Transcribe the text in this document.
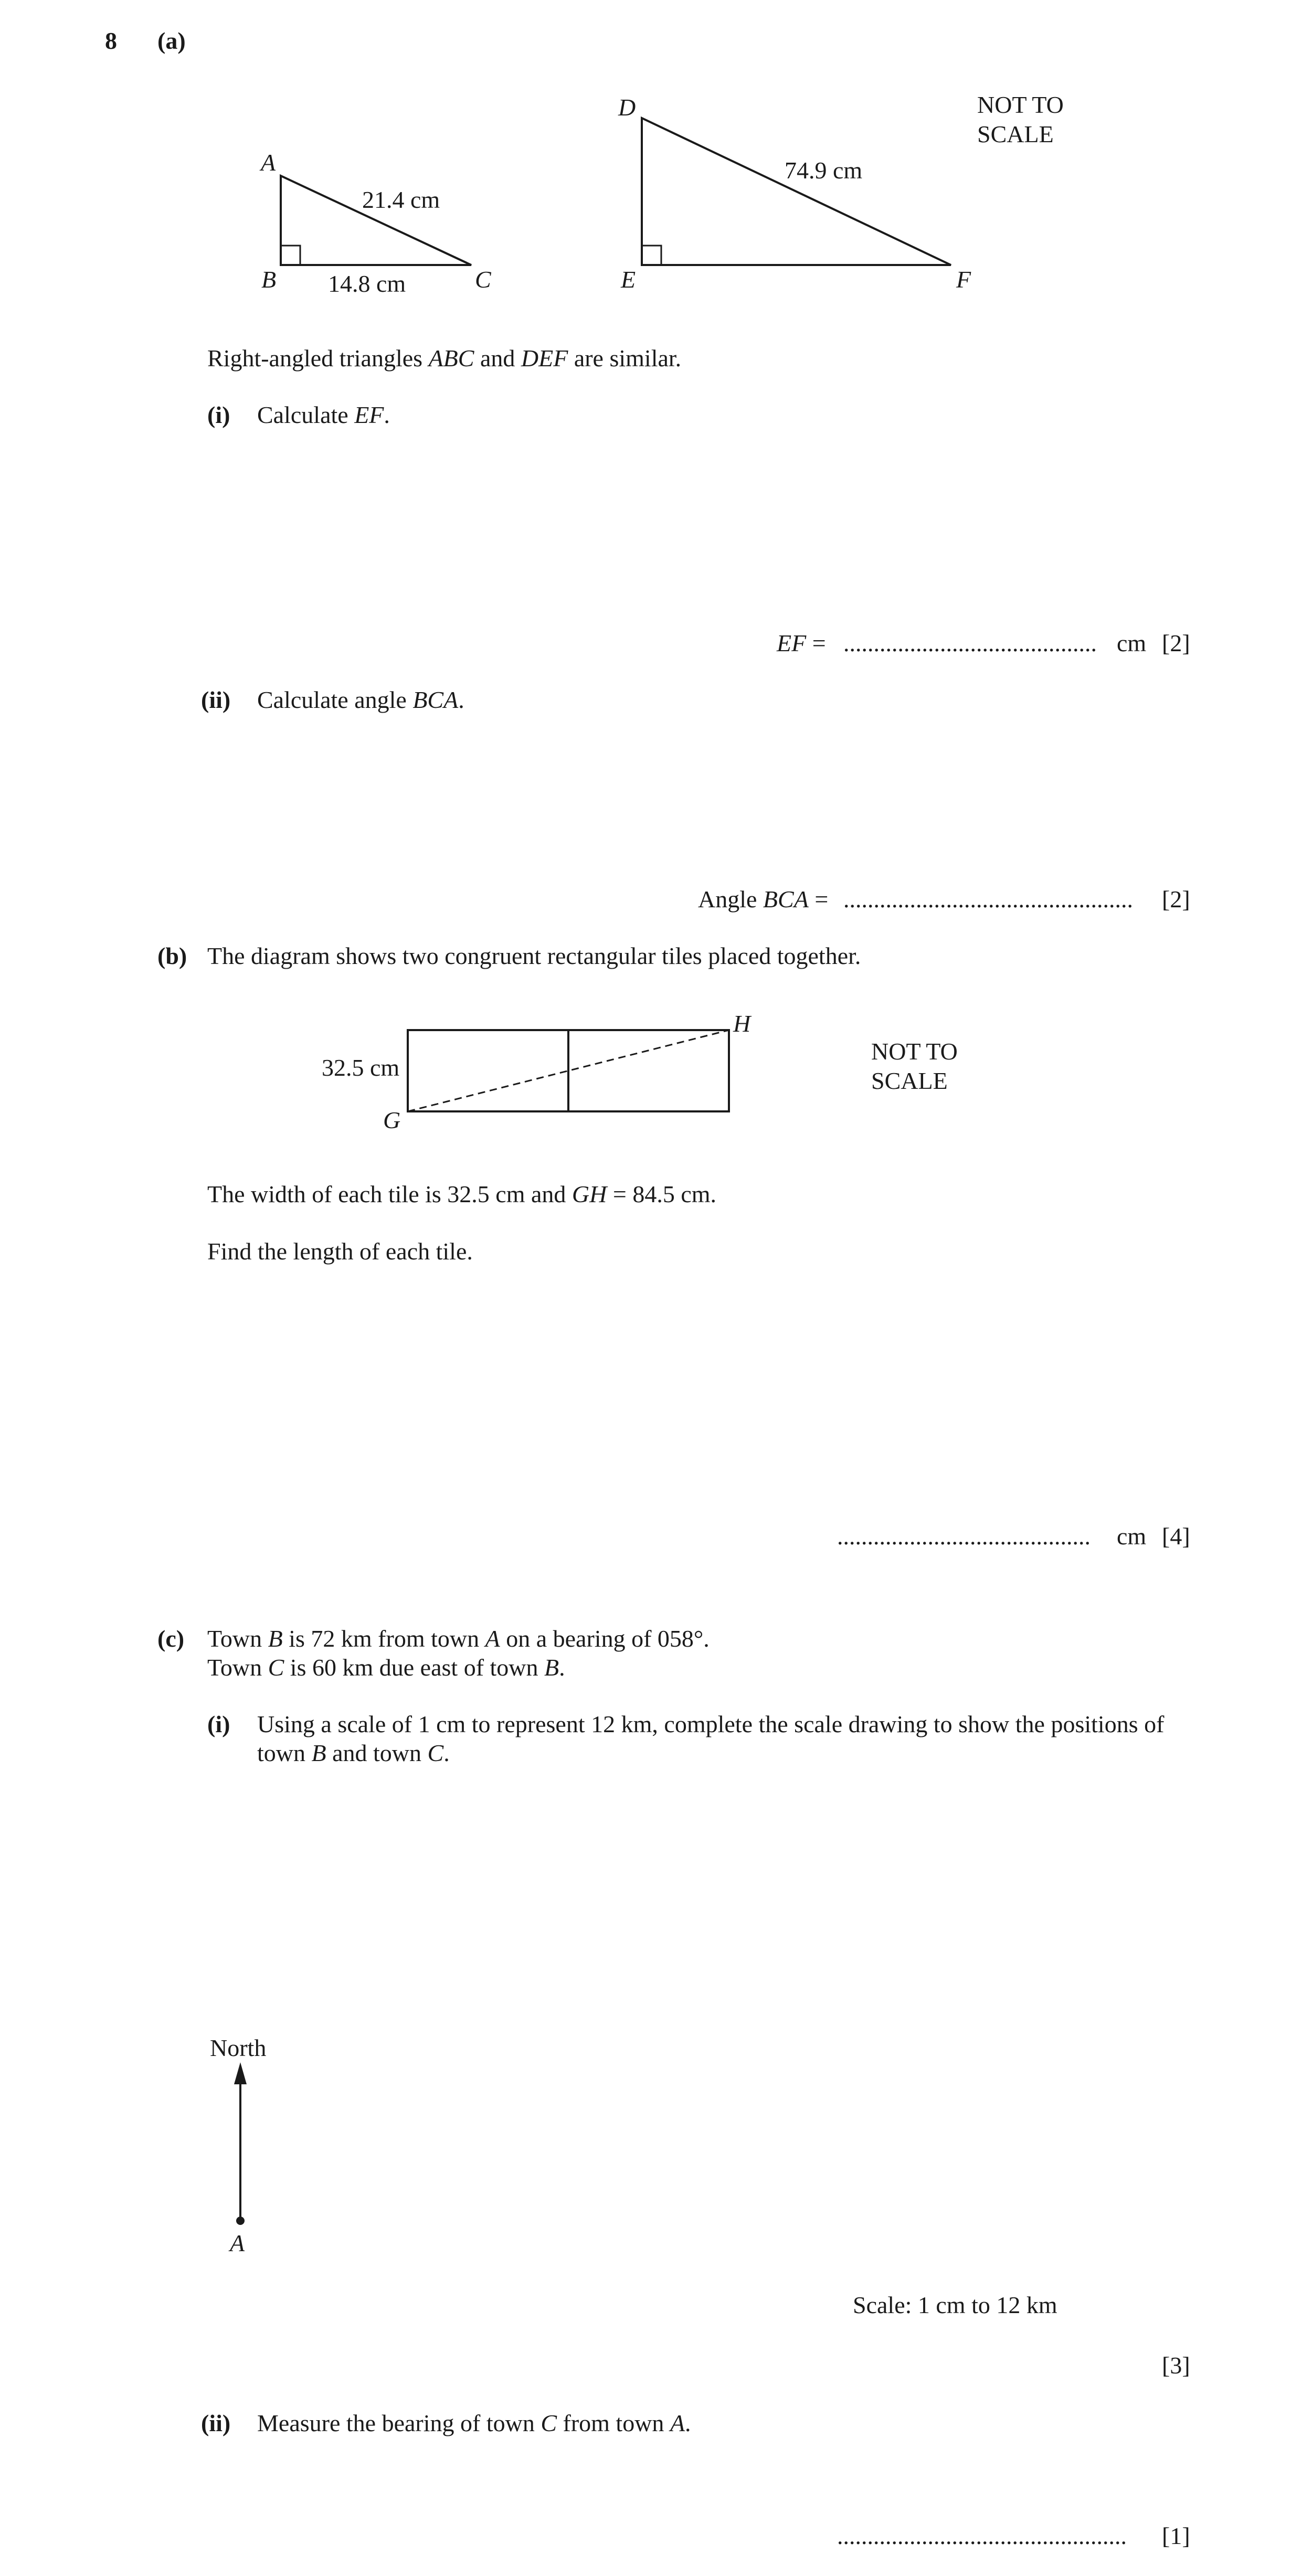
8 (a)
A
B	C
21.4 cm
14.8 cm
D
E	F
74.9 cm
32.5 cm
G
H
North
A
NOT TO
SCALE
Right-angled triangles ABC and DEF are similar.
(i) Calculate EF.
EF = .......................................... cm [2]
(ii) Calculate angle BCA.
Angle BCA = ................................................ [2]
(b) The diagram shows two congruent rectangular tiles placed together.
NOT TO
SCALE
The width of each tile is 32.5 cm and GH = 84.5 cm.
Find the length of each tile.
.......................................... cm [4]
(c) Town B is 72 km from town A on a bearing of 058°.
Town C is 60 km due east of town B.
(i) Using a scale of 1 cm to represent 12 km, complete the scale drawing to show the positions of
town B and town C.
Scale: 1 cm to 12 km
[3]
(ii) Measure the bearing of town C from town A.
................................................ [1]
